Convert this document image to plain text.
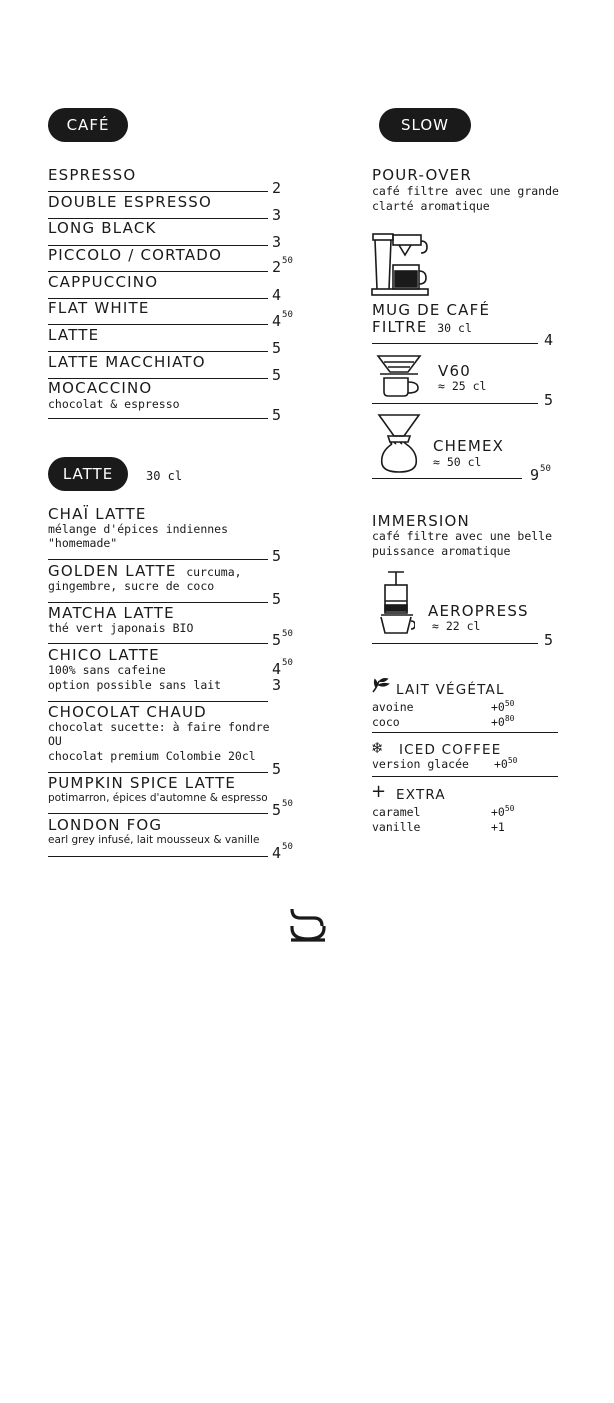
CAFÉ
ESPRESSO
2
DOUBLE ESPRESSO
3
LONG BLACK
3
PICCOLO / CORTADO
$2^{50}$
CAPPUCCINO
4
FLAT WHITE
$4^{50}$
LATTE
5
LATTE MACCHIATO
5
MOCACCINO
chocolat & espresso
5
LATTE	30 cl
CHAÏ LATTE
mélange d'épices indiennes
"homemade"
5
GOLDEN LATTE curcuma,
gingembre, sucre de coco
5
MATCHA LATTE
thé vert japonais BIO
$5^{50}$
CHICO LATTE
100% sans cafeine
option possible sans lait
$4^{50}$
3
CHOCOLAT CHAUD
chocolat sucette: à faire fondre
OU
chocolat premium Colombie 20cl
5
PUMPKIN SPICE LATTE
potimarron, épices d'automne & espresso
$5^{50}$
LONDON FOG
earl grey infusé, lait mousseux & vanille
$4^{50}$
SLOW
POUR-OVER
café filtre avec une grande
clarté aromatique
MUG DE CAFÉ
FILTRE 30 cl
4
V60
≈ 25 cl
5
CHEMEX
≈ 50 cl
$9^{50}$
IMMERSION
café filtre avec une belle
puissance aromatique
AEROPRESS
≈ 22 cl
5
LAIT VÉGÉTAL
avoine	$+0^{50}$
coco	$+0^{80}$
❄ ICED COFFEE
version glacée $+0^{50}$
+ EXTRA
caramel	$+0^{50}$
vanille	+1
